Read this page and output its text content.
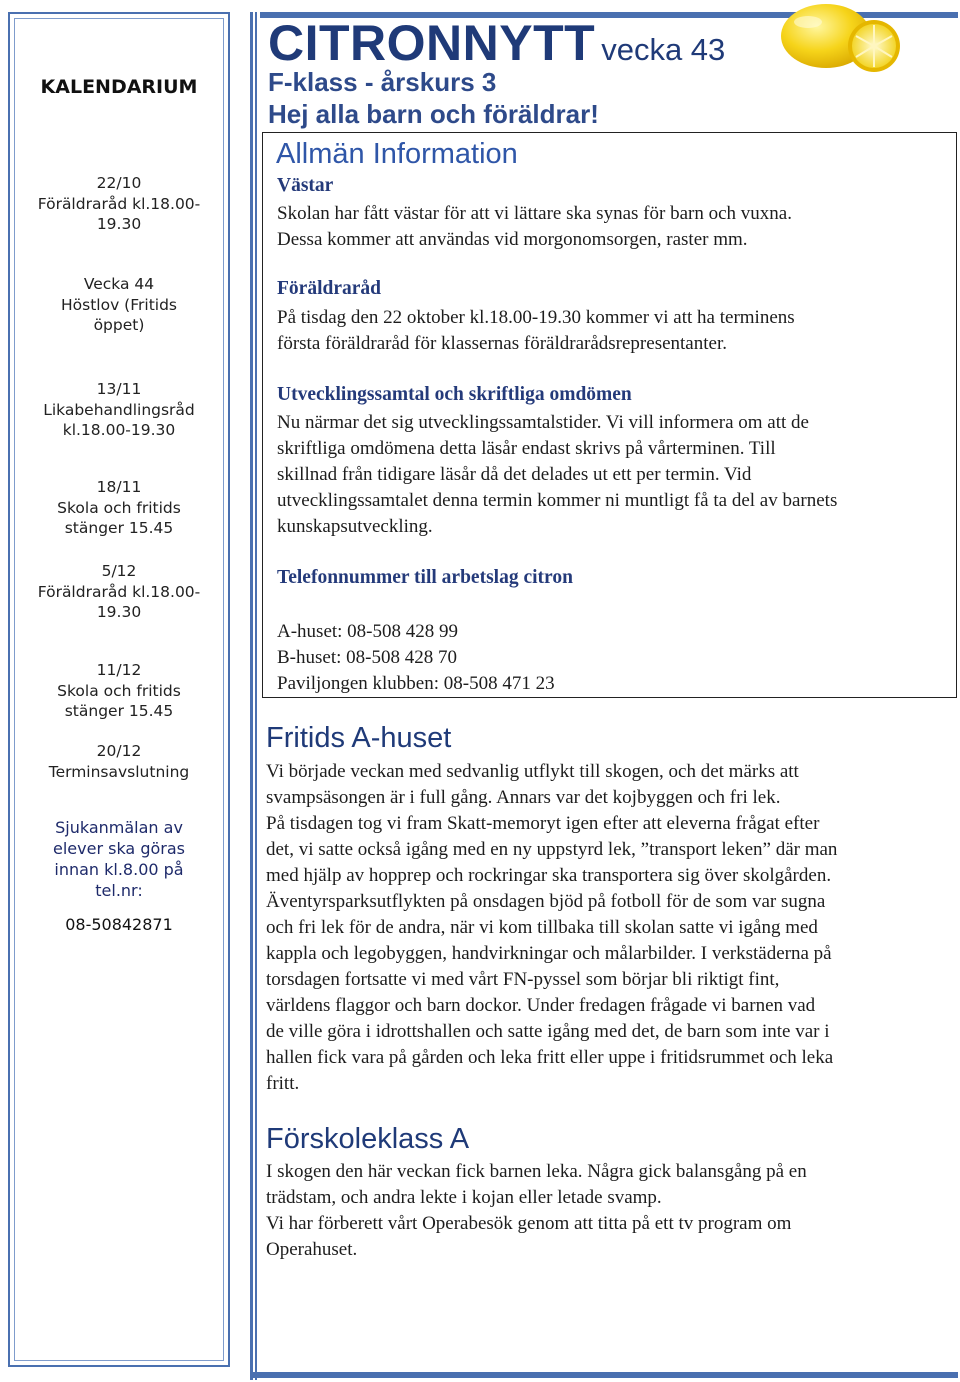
KALENDARIUM
22/10
Föräldraråd kl.18.00-
19.30
Vecka 44
Höstlov (Fritids
öppet)
13/11
Likabehandlingsråd
kl.18.00-19.30
18/11
Skola och fritids
stänger 15.45
5/12
Föräldraråd kl.18.00-
19.30
11/12
Skola och fritids
stänger 15.45
20/12
Terminsavslutning
Sjukanmälan av
elever ska göras
innan kl.8.00 på
tel.nr:
08-50842871
CITRONNYTT vecka 43
F-klass - årskurs 3
Hej alla barn och föräldrar!
Allmän Information
Västar
Skolan har fått västar för att vi lättare ska synas för barn och vuxna.
Dessa kommer att användas vid morgonomsorgen, raster mm.
Föräldraråd
På tisdag den 22 oktober kl.18.00-19.30 kommer vi att ha terminens
första föräldraråd för klassernas föräldrarådsrepresentanter.
Utvecklingssamtal och skriftliga omdömen
Nu närmar det sig utvecklingssamtalstider. Vi vill informera om att de
skriftliga omdömena detta läsår endast skrivs på vårterminen. Till
skillnad från tidigare läsår då det delades ut ett per termin. Vid
utvecklingssamtalet denna termin kommer ni muntligt få ta del av barnets
kunskapsutveckling.
Telefonnummer till arbetslag citron
A-huset: 08-508 428 99
B-huset: 08-508 428 70
Paviljongen klubben: 08-508 471 23
Fritids A-huset
Vi började veckan med sedvanlig utflykt till skogen, och det märks att
svampsäsongen är i full gång. Annars var det kojbyggen och fri lek.
På tisdagen tog vi fram Skatt-memoryt igen efter att eleverna frågat efter
det, vi satte också igång med en ny uppstyrd lek, ”transport leken” där man
med hjälp av hopprep och rockringar ska transportera sig över skolgården.
Äventyrsparksutflykten på onsdagen bjöd på fotboll för de som var sugna
och fri lek för de andra, när vi kom tillbaka till skolan satte vi igång med
kappla och legobyggen, handvirkningar och målarbilder. I verkstäderna på
torsdagen fortsatte vi med vårt FN-pyssel som börjar bli riktigt fint,
världens flaggor och barn dockor. Under fredagen frågade vi barnen vad
de ville göra i idrottshallen och satte igång med det, de barn som inte var i
hallen fick vara på gården och leka fritt eller uppe i fritidsrummet och leka
fritt.
Förskoleklass A
I skogen den här veckan fick barnen leka. Några gick balansgång på en
trädstam, och andra lekte i kojan eller letade svamp.
Vi har förberett vårt Operabesök genom att titta på ett tv program om
Operahuset.
